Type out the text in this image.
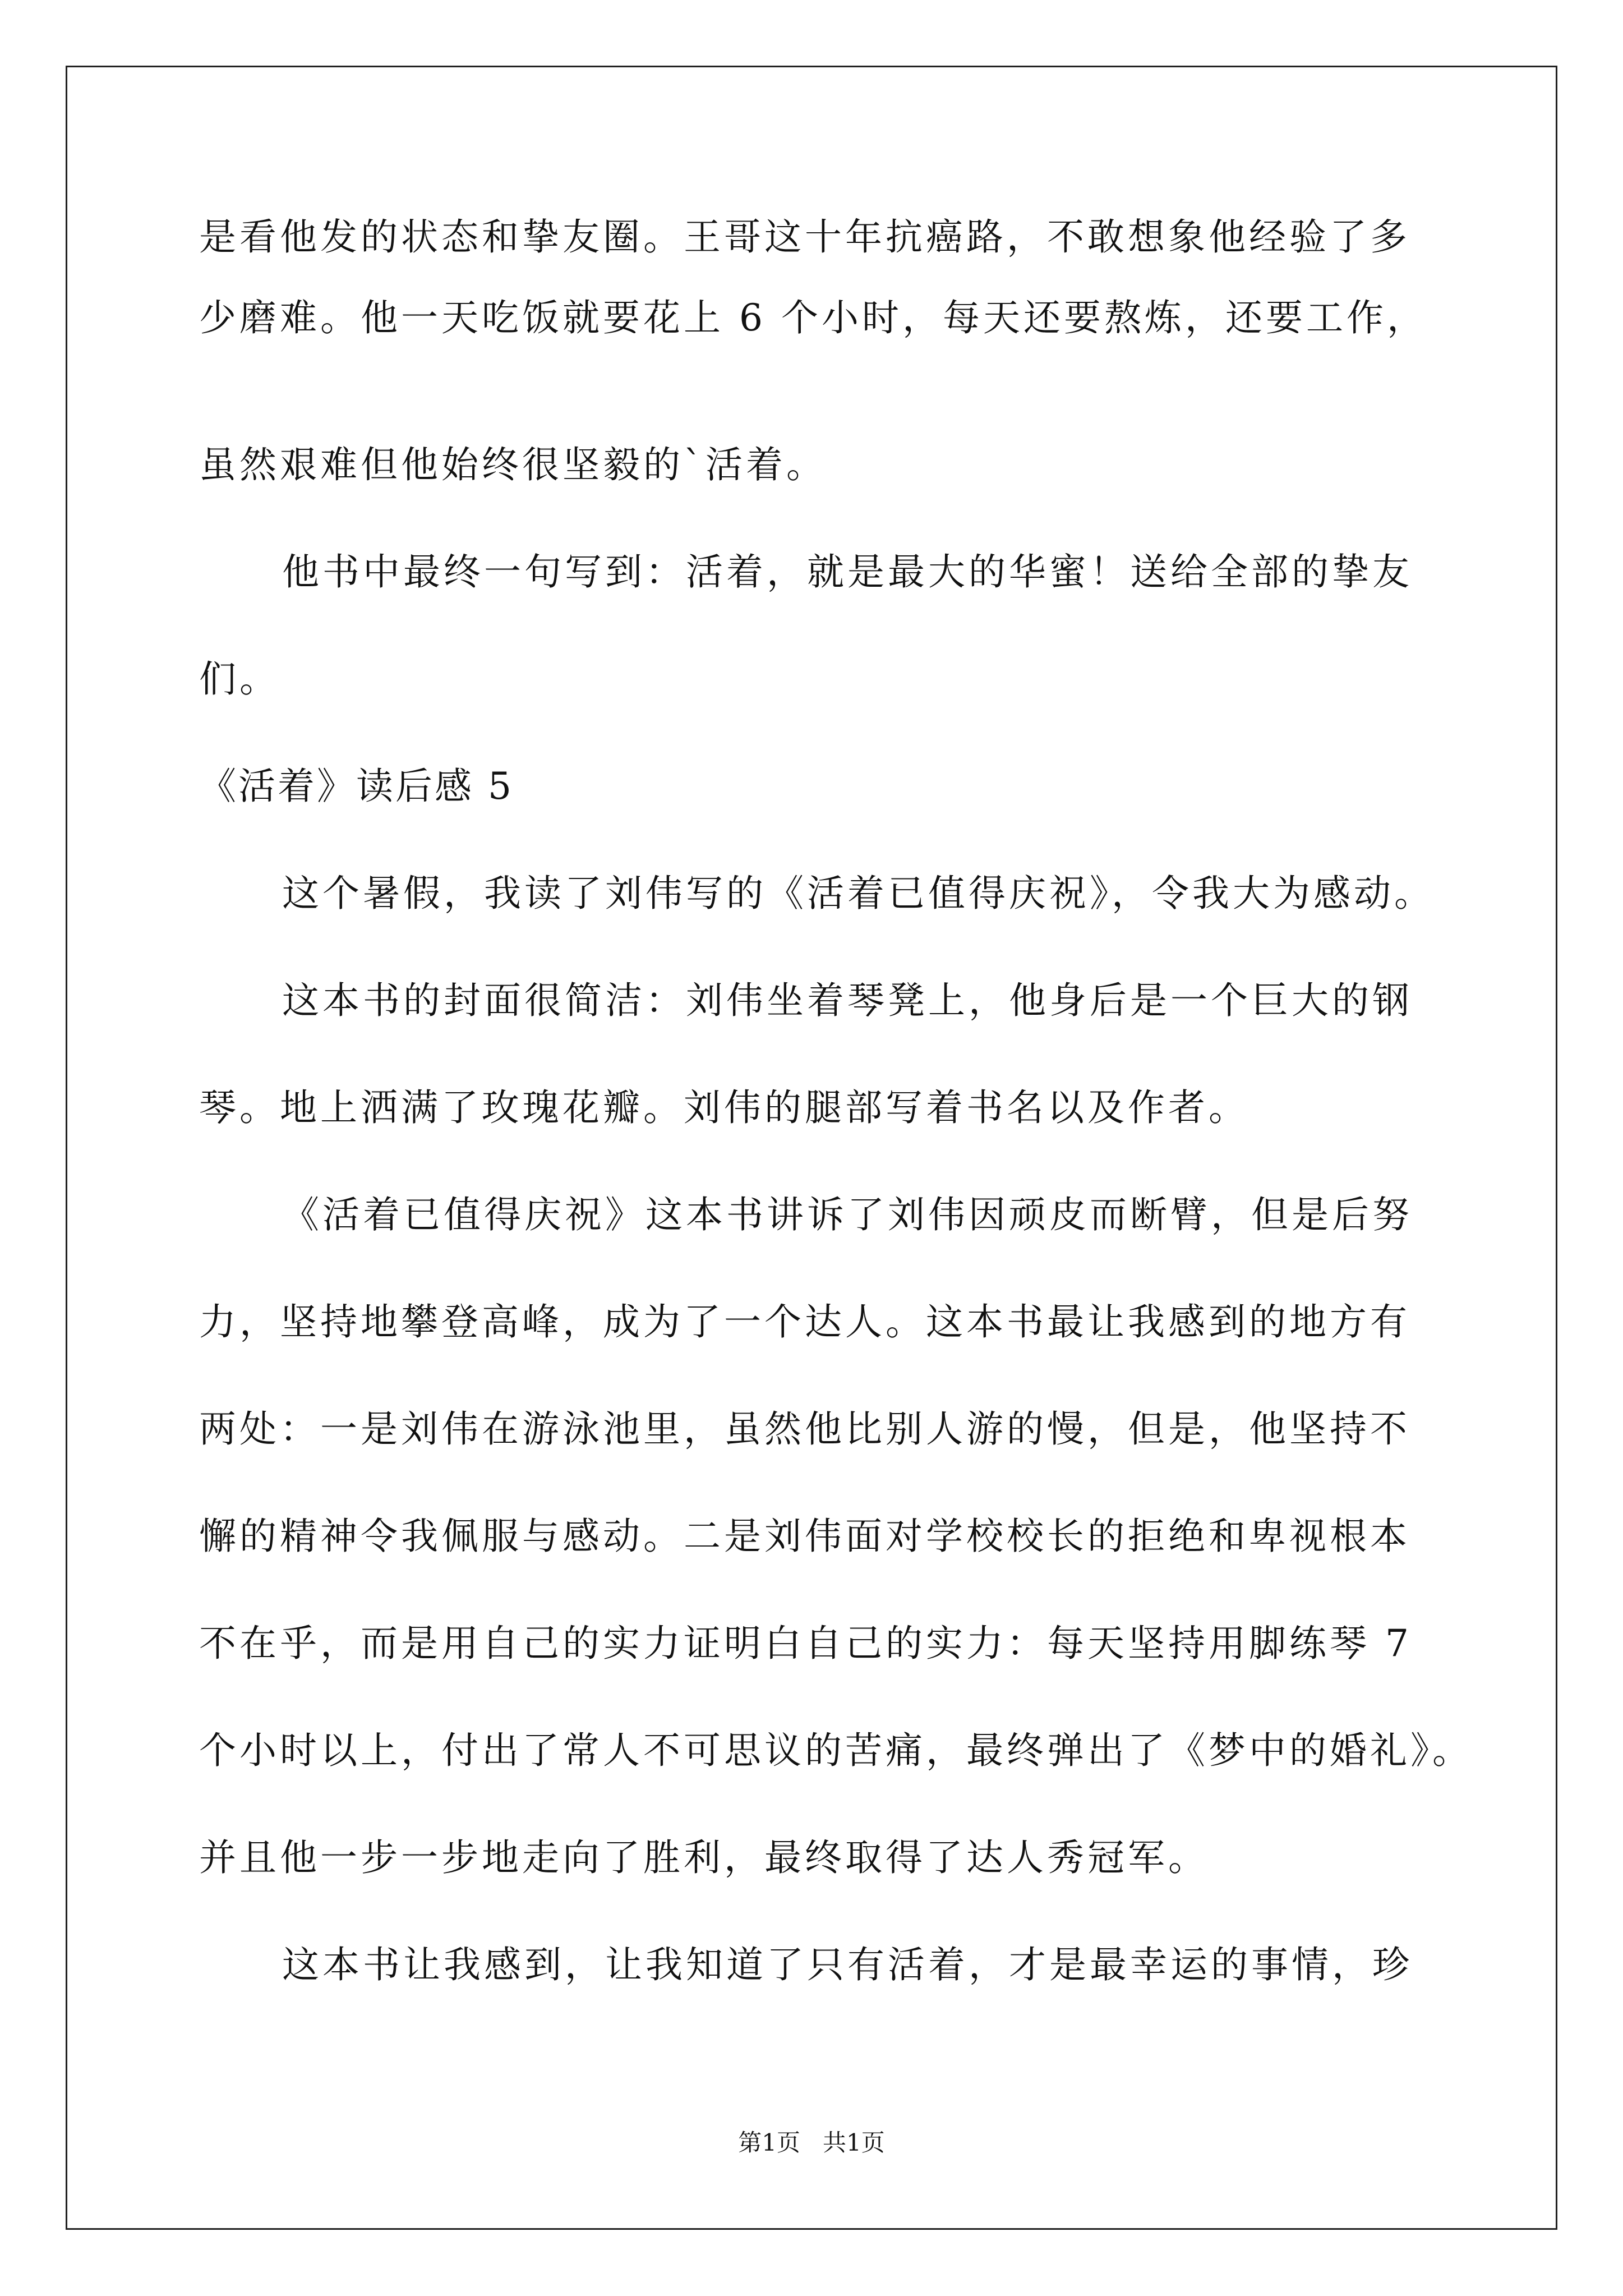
是看他发的状态和挚友圈。王哥这十年抗癌路，不敢想象他经验了多
少磨难。他一天吃饭就要花上 6 个小时，每天还要熬炼，还要工作，
虽然艰难但他始终很坚毅的`活着。
他书中最终一句写到：活着，就是最大的华蜜！送给全部的挚友
们。
《活着》读后感 5
这个暑假，我读了刘伟写的《活着已值得庆祝》，令我大为感动。
这本书的封面很简洁：刘伟坐着琴凳上，他身后是一个巨大的钢
琴。地上洒满了玫瑰花瓣。刘伟的腿部写着书名以及作者。
《活着已值得庆祝》这本书讲诉了刘伟因顽皮而断臂，但是后努
力，坚持地攀登高峰，成为了一个达人。这本书最让我感到的地方有
两处：一是刘伟在游泳池里，虽然他比别人游的慢，但是，他坚持不
懈的精神令我佩服与感动。二是刘伟面对学校校长的拒绝和卑视根本
不在乎，而是用自己的实力证明白自己的实力：每天坚持用脚练琴 7
个小时以上，付出了常人不可思议的苦痛，最终弹出了《梦中的婚礼》。
并且他一步一步地走向了胜利，最终取得了达人秀冠军。
这本书让我感到，让我知道了只有活着，才是最幸运的事情，珍
第1页   共1页
